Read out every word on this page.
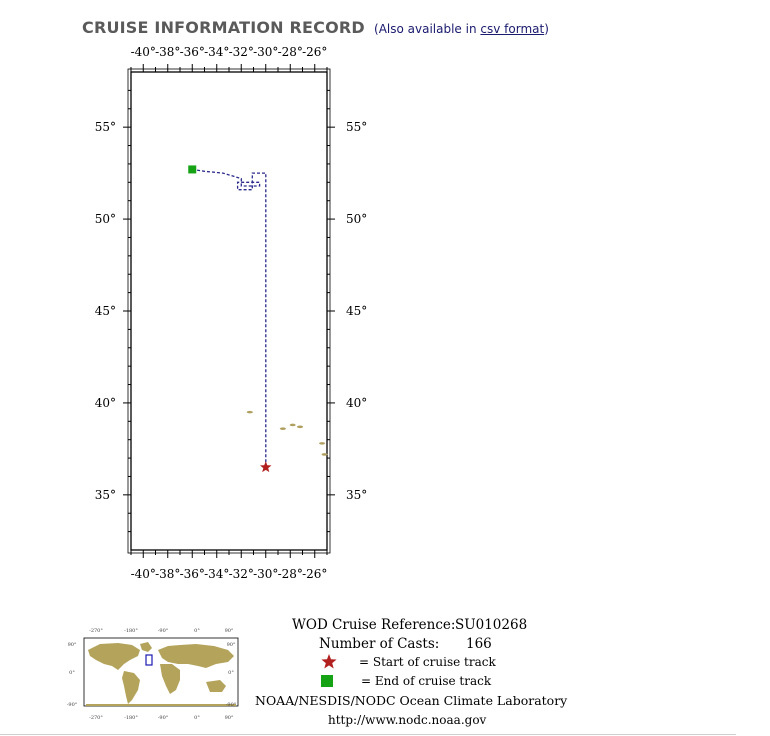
CRUISE INFORMATION RECORD (Also available in csv format)
-40° -38° -36° -34° -32° -30° -28° -26°
-40° -38° -36° -34° -32° -30° -28° -26°
55°
50°
45°
40°
35°
55°
50°
45°
40°
35°
-270°	-180°	-90°	0°	90°
-270°	-180°	-90°	0°	90°
90°
0°
-90°
90°
0°
-90°
WOD Cruise Reference: SU010268
Number of Casts: 166
= Start of cruise track
= End of cruise track
NOAA/NESDIS/NODC Ocean Climate Laboratory
http://www.nodc.noaa.gov
